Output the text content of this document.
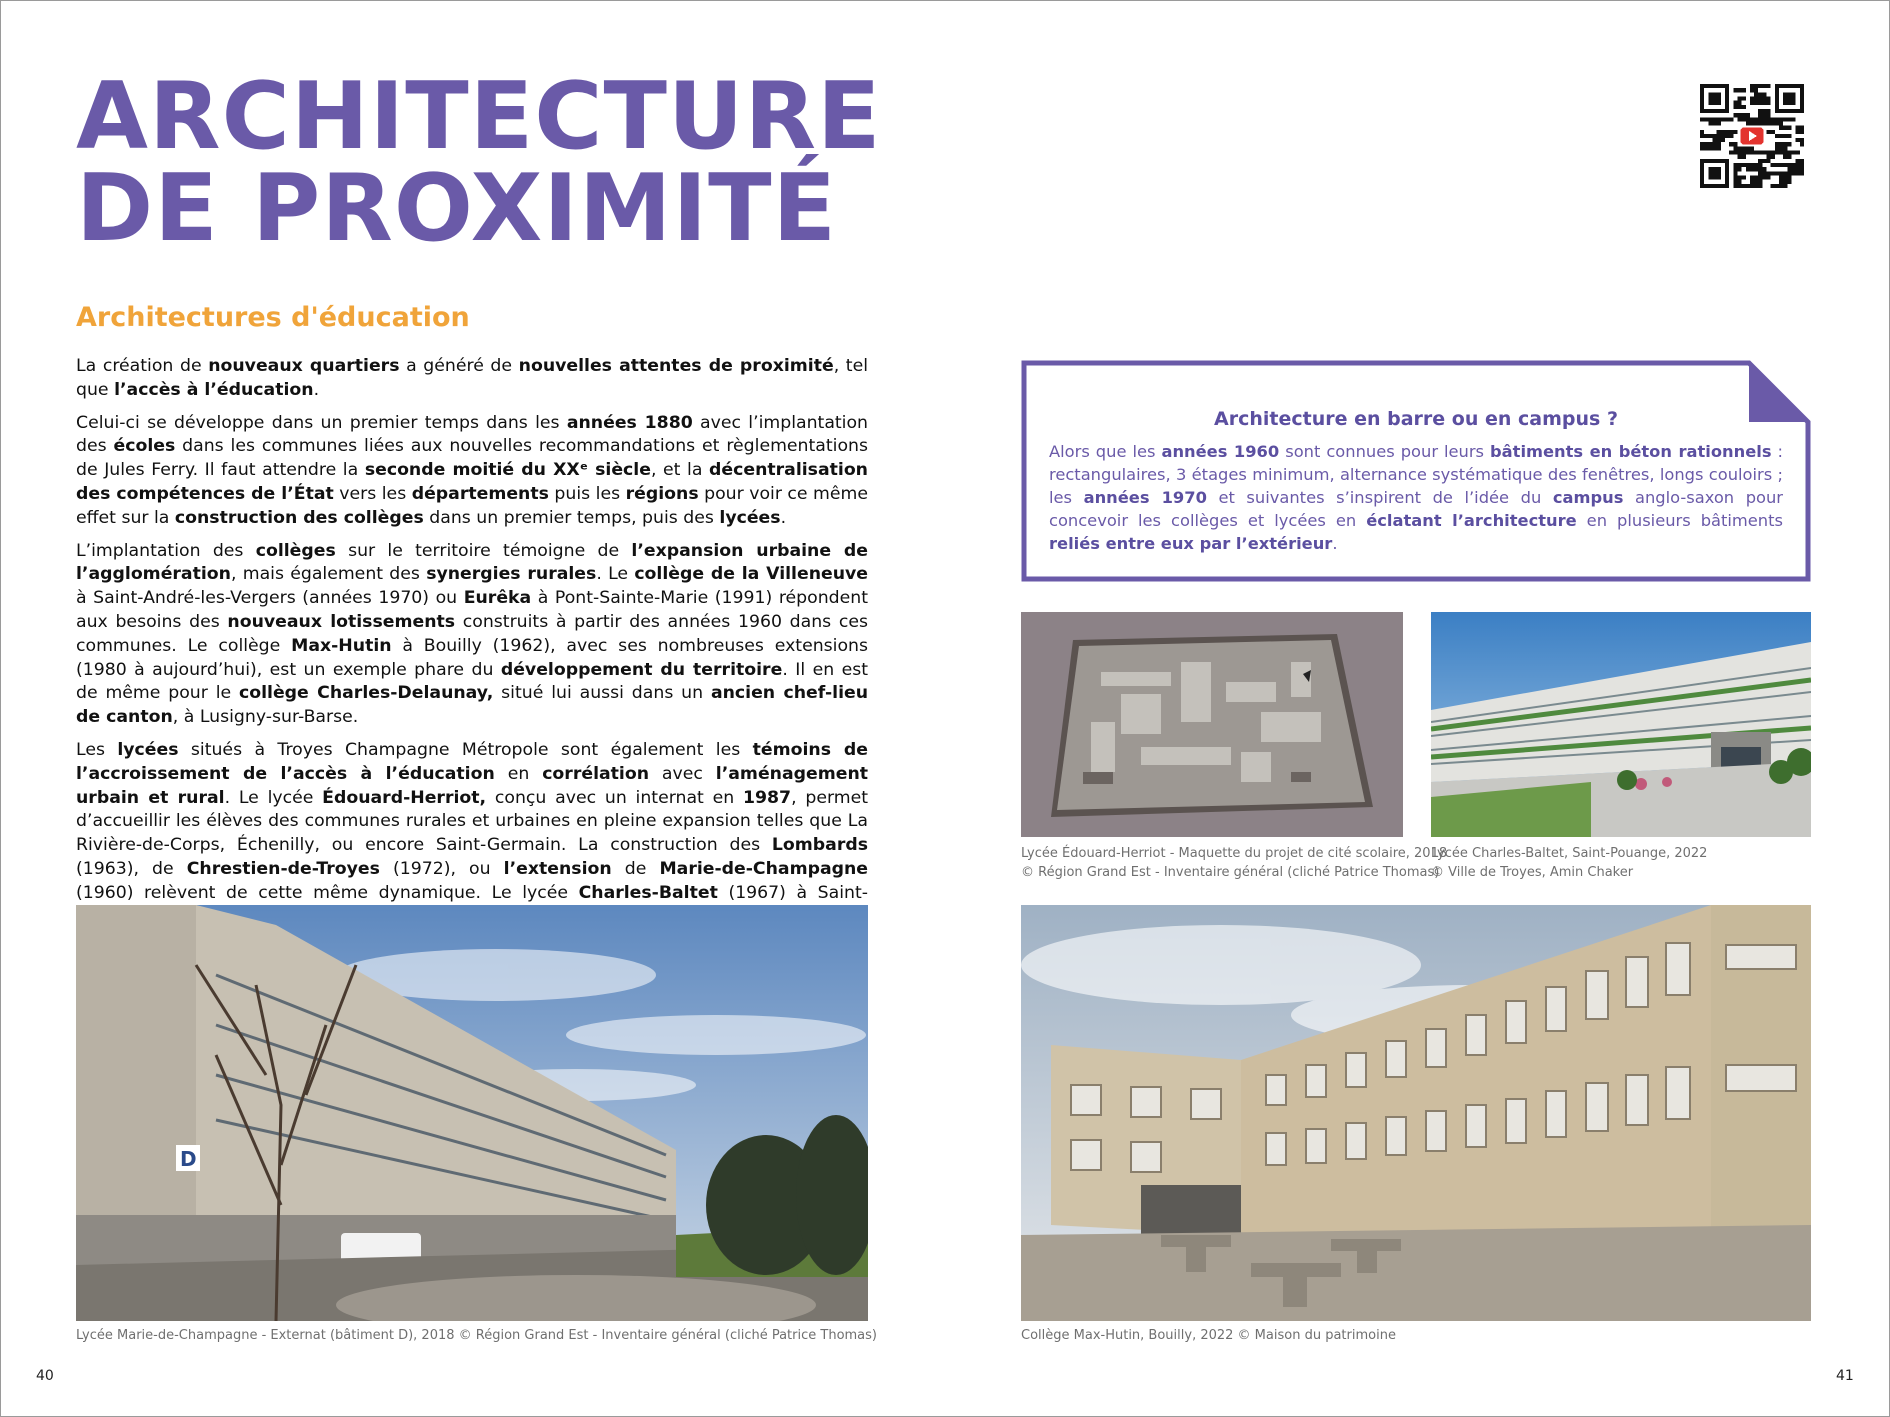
ARCHITECTURE
DE PROXIMITÉ
Architectures d'éducation

La création de nouveaux quartiers a généré de nouvelles attentes de proximité, tel que l’accès à l’éducation.

Celui-ci se développe dans un premier temps dans les années 1880 avec l’implantation des écoles dans les communes liées aux nouvelles recommandations et règlementations de Jules Ferry. Il faut attendre la seconde moitié du XXᵉ siècle, et la décentralisation des compétences de l’État vers les départements puis les régions pour voir ce même effet sur la construction des collèges dans un premier temps, puis des lycées.

L’implantation des collèges sur le territoire témoigne de l’expansion urbaine de l’agglomération, mais également des synergies rurales. Le collège de la Villeneuve à Saint-André-les-Vergers (années 1970) ou Eurêka à Pont-Sainte-Marie (1991) répondent aux besoins des nouveaux lotissements construits à partir des années 1960 dans ces communes. Le collège Max-Hutin à Bouilly (1962), avec ses nombreuses extensions (1980 à aujourd’hui), est un exemple phare du développement du territoire. Il en est de même pour le collège Charles-Delaunay, situé lui aussi dans un ancien chef-lieu de canton, à Lusigny-sur-Barse.

Les lycées situés à Troyes Champagne Métropole sont également les témoins de l’accroissement de l’accès à l’éducation en corrélation avec l’aménagement urbain et rural. Le lycée Édouard-Herriot, conçu avec un internat en 1987, permet d’accueillir les élèves des communes rurales et urbaines en pleine expansion telles que La Rivière-de-Corps, Échenilly, ou encore Saint-Germain. La construction des Lombards (1963), de Chrestien-de-Troyes (1972), ou l’extension de Marie-de-Champagne (1960) relèvent de cette même dynamique. Le lycée Charles-Baltet (1967) à Saint-

Architecture en barre ou en campus ?

Alors que les années 1960 sont connues pour leurs bâtiments en béton rationnels : rectangulaires, 3 étages minimum, alternance systématique des fenêtres, longs couloirs ; les années 1970 et suivantes s’inspirent de l’idée du campus anglo-saxon pour concevoir les collèges et lycées en éclatant l’architecture en plusieurs bâtiments reliés entre eux par l’extérieur.

Lycée Édouard-Herriot - Maquette du projet de cité scolaire, 2018
© Région Grand Est - Inventaire général (cliché Patrice Thomas)
Lycée Charles-Baltet, Saint-Pouange, 2022
© Ville de Troyes, Amin Chaker
D
Lycée Marie-de-Champagne - Externat (bâtiment D), 2018 © Région Grand Est - Inventaire général (cliché Patrice Thomas)	Collège Max-Hutin, Bouilly, 2022 © Maison du patrimoine
40	41
